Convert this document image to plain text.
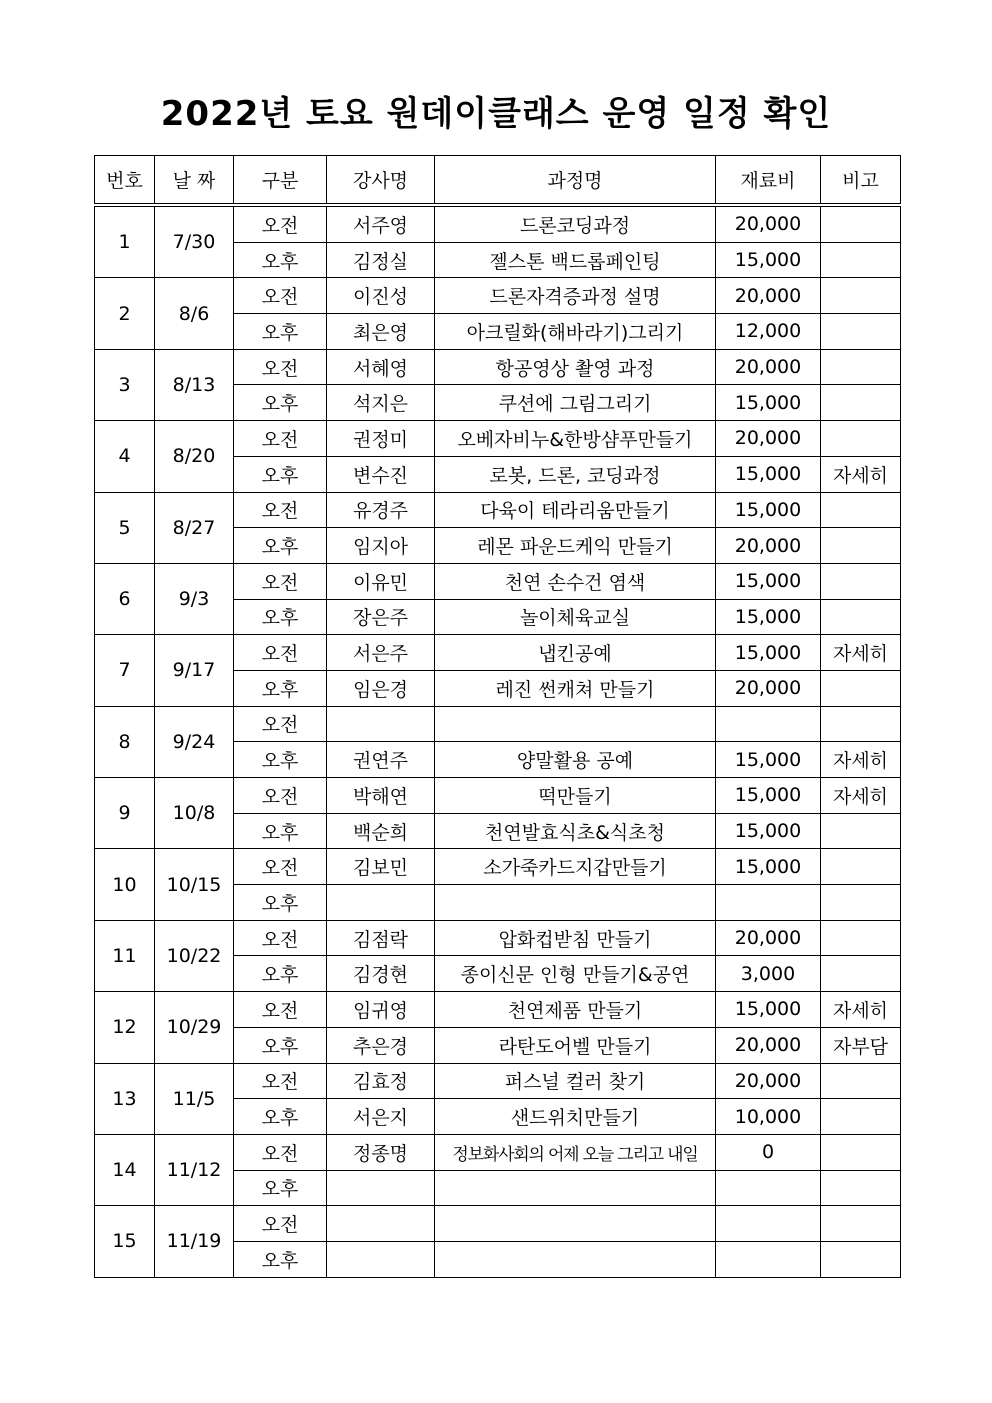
2022년 토요 원데이클래스 운영 일정 확인
번호	날 짜	구분	강사명	과정명	재료비	비고
1	7/30	오전	서주영	드론코딩과정	20,000	
		오후	김정실	젤스톤 백드롭페인팅	15,000	
2	8/6	오전	이진성	드론자격증과정 설명	20,000	
		오후	최은영	아크릴화(해바라기)그리기	12,000	
3	8/13	오전	서혜영	항공영상 촬영 과정	20,000	
		오후	석지은	쿠션에 그림그리기	15,000	
4	8/20	오전	권정미	오베자비누&한방샴푸만들기	20,000	
		오후	변수진	로봇, 드론, 코딩과정	15,000	자세히
5	8/27	오전	유경주	다육이 테라리움만들기	15,000	
		오후	임지아	레몬 파운드케익 만들기	20,000	
6	9/3	오전	이유민	천연 손수건 염색	15,000	
		오후	장은주	놀이체육교실	15,000	
7	9/17	오전	서은주	냅킨공예	15,000	자세히
		오후	임은경	레진 썬캐쳐 만들기	20,000	
8	9/24	오전				
		오후	권연주	양말활용 공예	15,000	자세히
9	10/8	오전	박해연	떡만들기	15,000	자세히
		오후	백순희	천연발효식초&식초청	15,000	
10	10/15	오전	김보민	소가죽카드지갑만들기	15,000	
		오후				
11	10/22	오전	김점락	압화컵받침 만들기	20,000	
		오후	김경현	종이신문 인형 만들기&공연	3,000	
12	10/29	오전	임귀영	천연제품 만들기	15,000	자세히
		오후	추은경	라탄도어벨 만들기	20,000	자부담
13	11/5	오전	김효정	퍼스널 컬러 찾기	20,000	
		오후	서은지	샌드위치만들기	10,000	
14	11/12	오전	정종명	정보화사회의 어제 오늘 그리고 내일	0	
		오후				
15	11/19	오전				
		오후				
